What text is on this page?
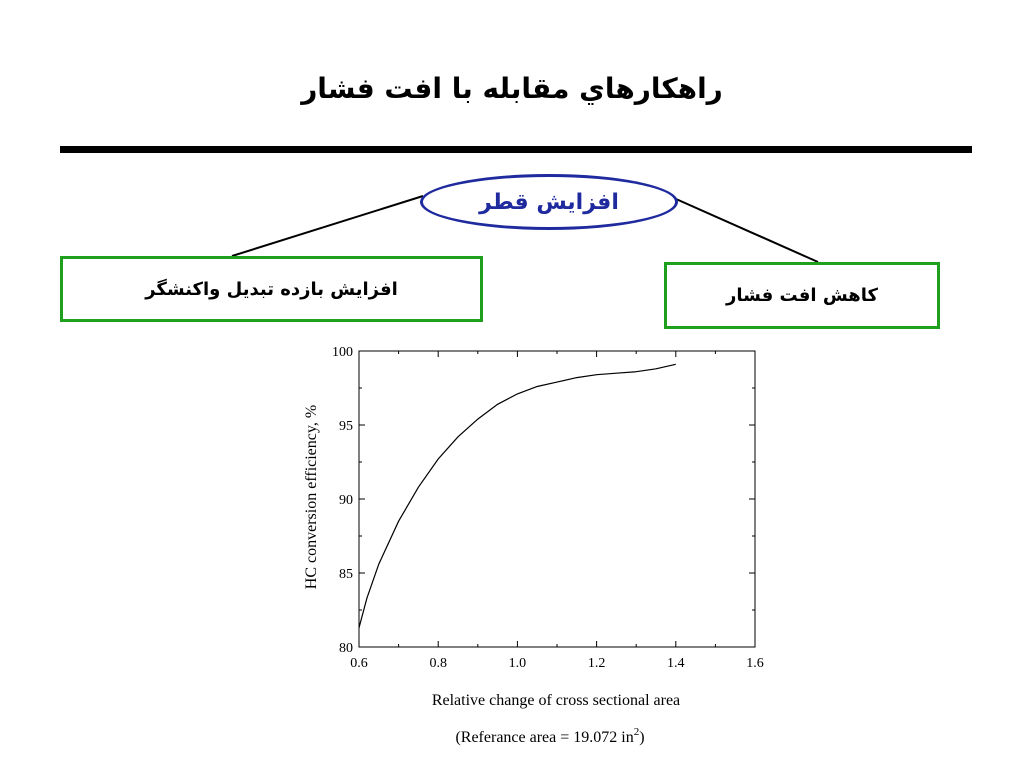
راهکارهاي مقابله با افت فشار
افزايش قطر
افزايش بازده تبديل واکنشگر	کاهش افت فشار
0.6	0.8	1.0	1.2	1.4	1.6
80
85
90
95
100
Relative change of cross sectional area
(Referance area = 19.072 $in^2$)
HC conversion efficiency, %
